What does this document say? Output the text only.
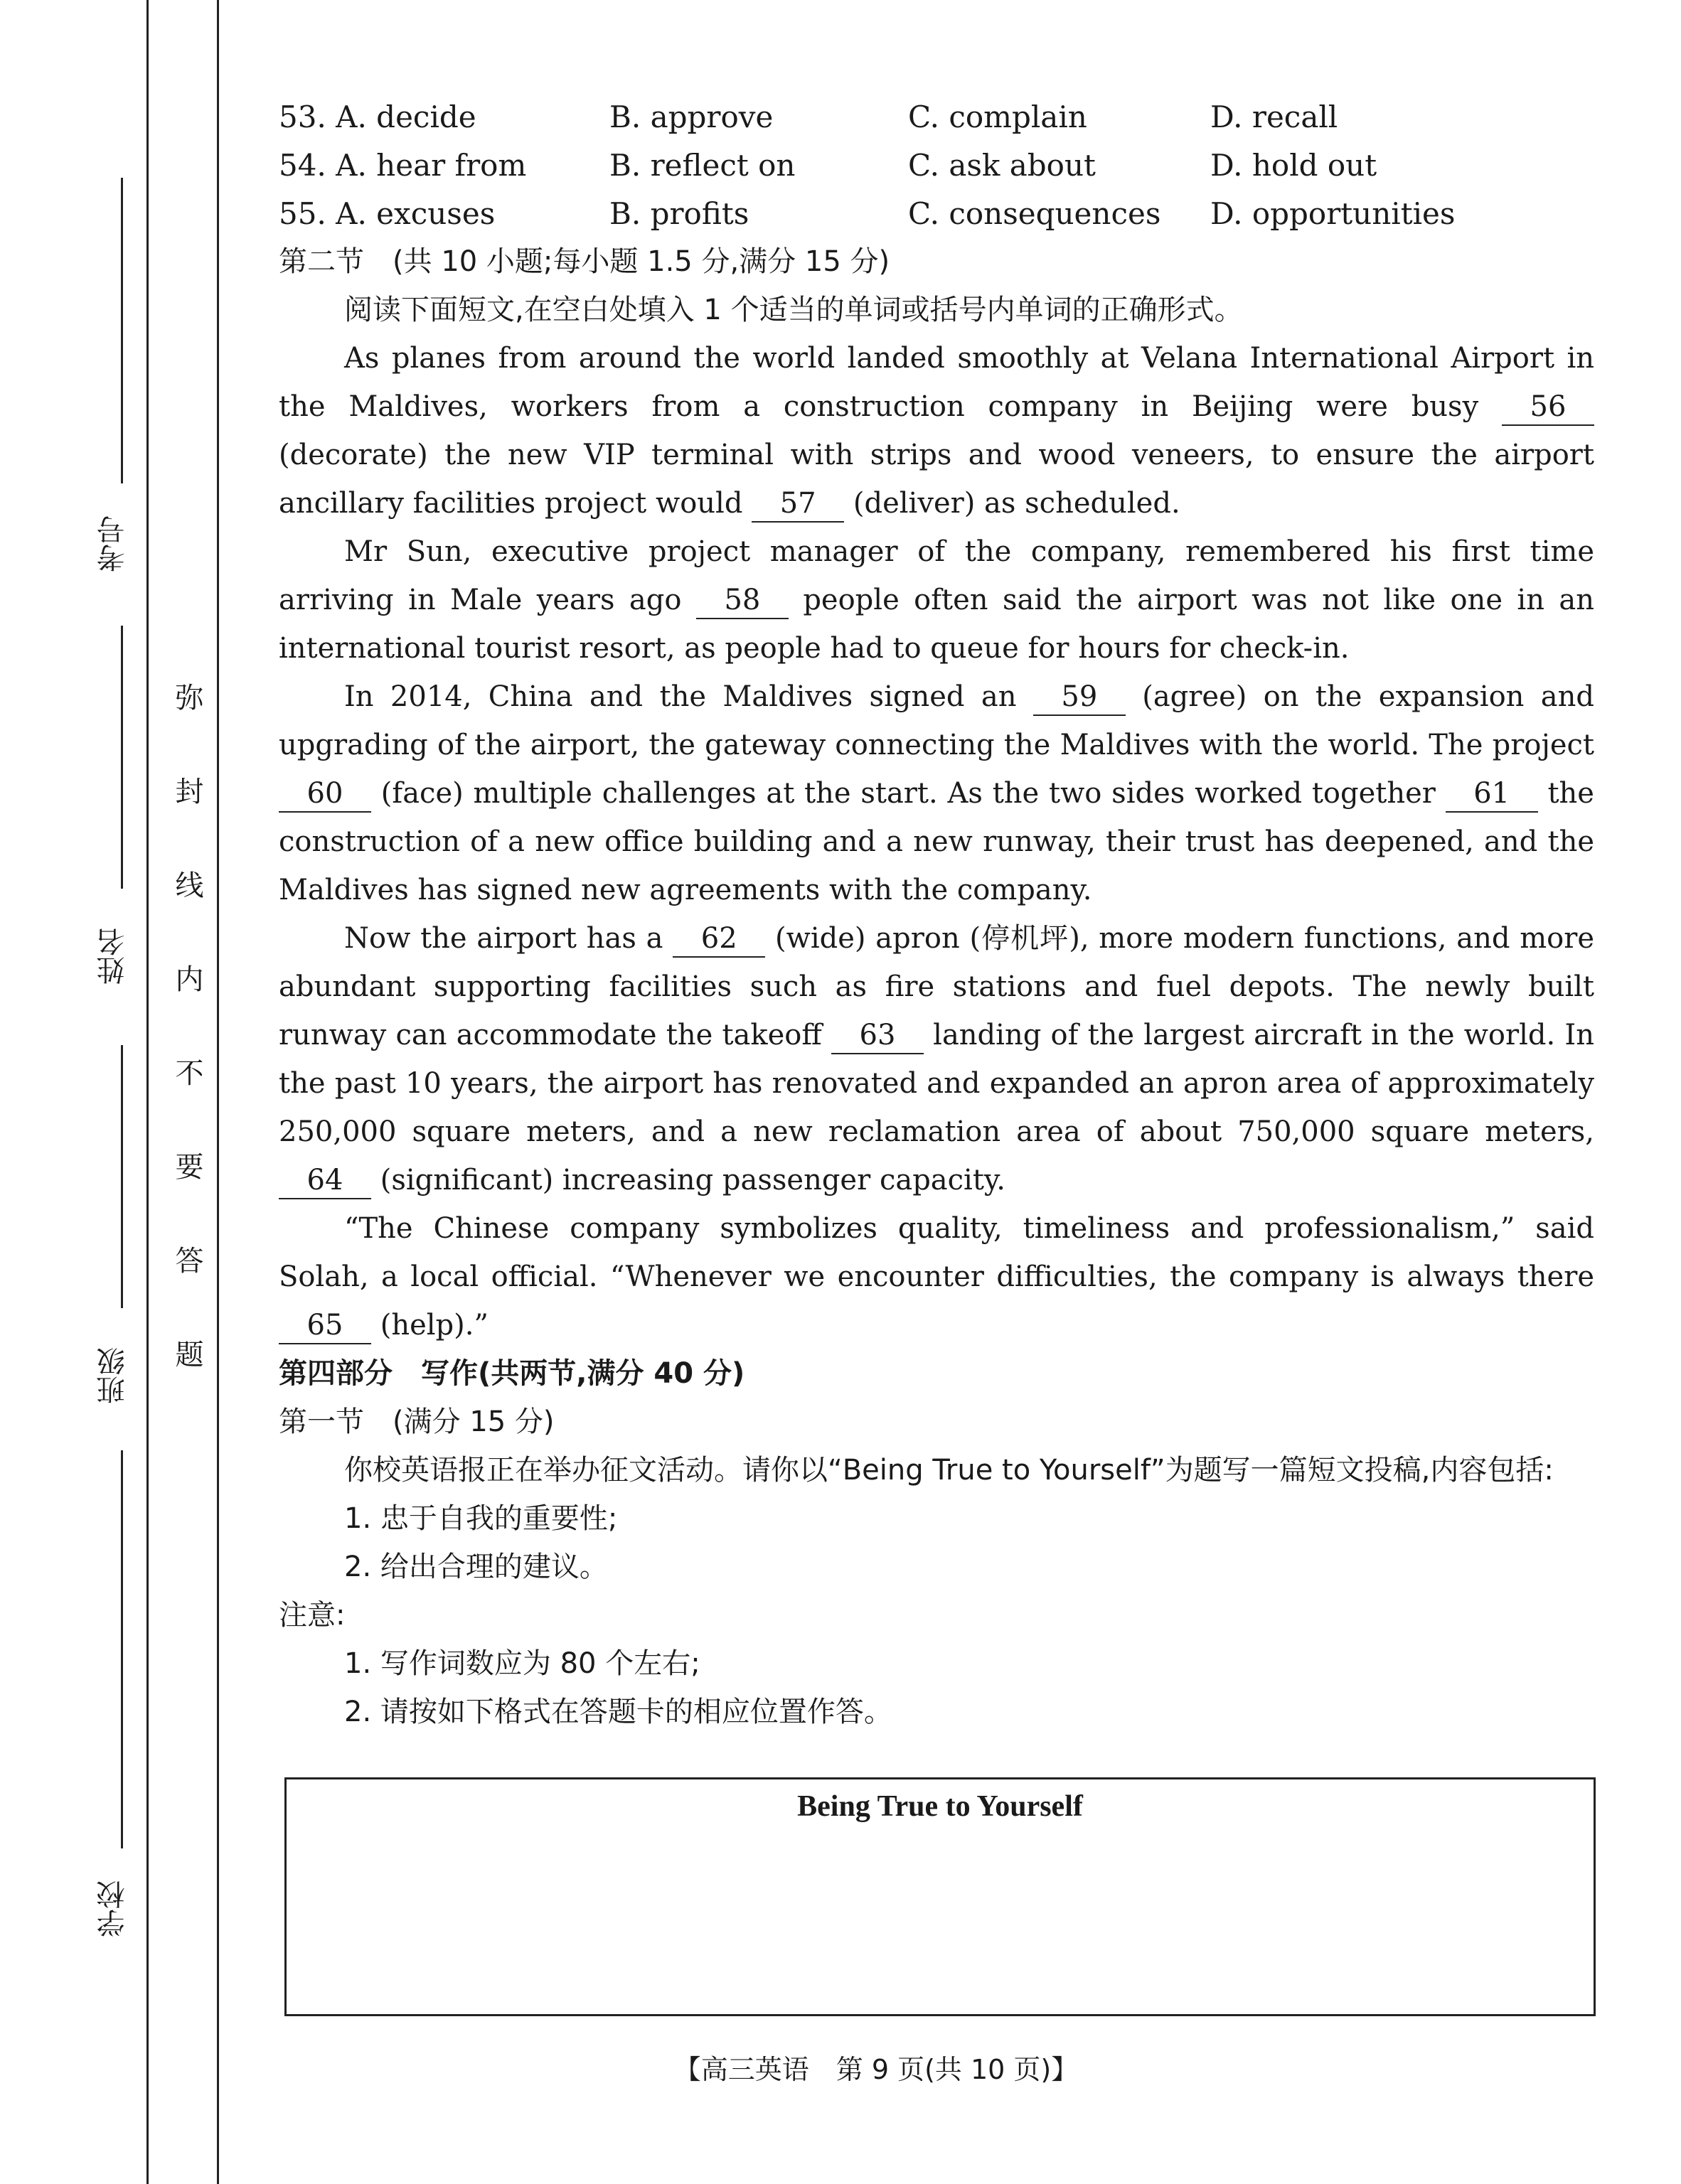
考号
姓名
班级
学校
弥封线内不要答题
53. A. decide	B. approve	C. complain	D. recall
54. A. hear from	B. reflect on	C. ask about	D. hold out
55. A. excuses	B. profits	C. consequences	D. opportunities
第二节　(共 10 小题;每小题 1.5 分,满分 15 分)
阅读下面短文,在空白处填入 1 个适当的单词或括号内单词的正确形式。

As planes from around the world landed smoothly at Velana International Airport in the Maldives, workers from a construction company in Beijing were busy 56 (decorate) the new VIP terminal with strips and wood veneers, to ensure the airport ancillary facilities project would 57 (deliver) as scheduled.

Mr Sun, executive project manager of the company, remembered his first time arriving in Male years ago 58 people often said the airport was not like one in an international tourist resort, as people had to queue for hours for check-in.

In 2014, China and the Maldives signed an 59 (agree) on the expansion and upgrading of the airport, the gateway connecting the Maldives with the world. The project 60 (face) multiple challenges at the start. As the two sides worked together 61 the construction of a new office building and a new runway, their trust has deepened, and the Maldives has signed new agreements with the company.

Now the airport has a 62 (wide) apron (停机坪), more modern functions, and more abundant supporting facilities such as fire stations and fuel depots. The newly built runway can accommodate the takeoff 63 landing of the largest aircraft in the world. In the past 10 years, the airport has renovated and expanded an apron area of approximately 250,000 square meters, and a new reclamation area of about 750,000 square meters, 64 (significant) increasing passenger capacity.

“The Chinese company symbolizes quality, timeliness and professionalism,” said Solah, a local official. “Whenever we encounter difficulties, the company is always there 65 (help).”

第四部分　写作(共两节,满分 40 分)
第一节　(满分 15 分)
你校英语报正在举办征文活动。请你以“Being True to Yourself”为题写一篇短文投稿,内容包括:
1. 忠于自我的重要性;
2. 给出合理的建议。
注意:
1. 写作词数应为 80 个左右;
2. 请按如下格式在答题卡的相应位置作答。
Being True to Yourself
【高三英语　第 9 页(共 10 页)】
